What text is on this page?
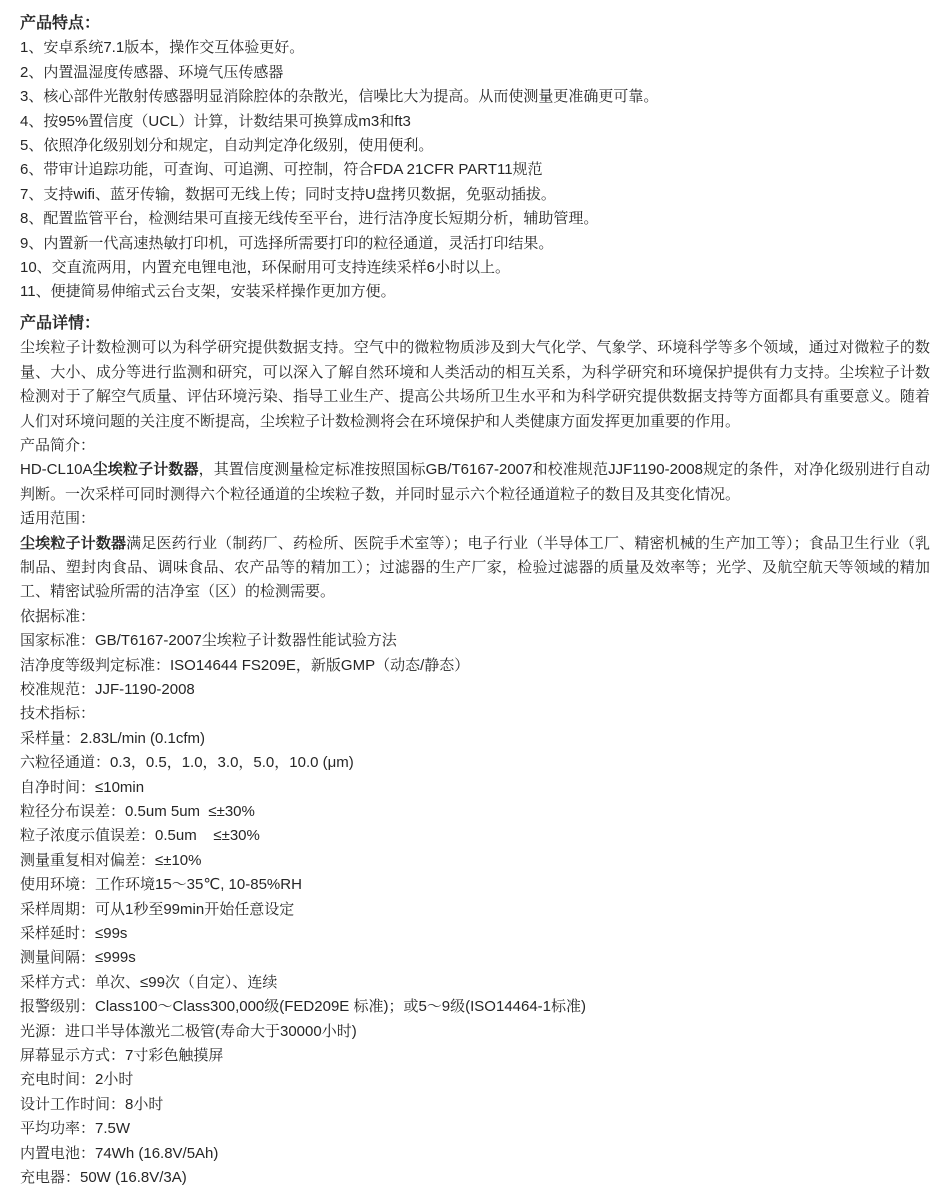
产品特点：
1、安卓系统7.1版本，操作交互体验更好。
2、内置温湿度传感器、环境气压传感器
3、核心部件光散射传感器明显消除腔体的杂散光，信噪比大为提高。从而使测量更准确更可靠。
4、按95%置信度（UCL）计算，计数结果可换算成m3和ft3
5、依照净化级别划分和规定，自动判定净化级别，使用便利。
6、带审计追踪功能，可查询、可追溯、可控制，符合FDA 21CFR PART11规范
7、支持wifi、蓝牙传输，数据可无线上传；同时支持U盘拷贝数据，免驱动插拔。
8、配置监管平台，检测结果可直接无线传至平台，进行洁净度长短期分析，辅助管理。
9、内置新一代高速热敏打印机，可选择所需要打印的粒径通道，灵活打印结果。
10、交直流两用，内置充电锂电池，环保耐用可支持连续采样6小时以上。
11、便捷简易伸缩式云台支架，安装采样操作更加方便。
产品详情：

尘埃粒子计数检测可以为科学研究提供数据支持。空气中的微粒物质涉及到大气化学、气象学、环境科学等多个领域，通过对微粒子的数量、大小、成分等进行监测和研究，可以深入了解自然环境和人类活动的相互关系，为科学研究和环境保护提供有力支持。尘埃粒子计数检测对于了解空气质量、评估环境污染、指导工业生产、提高公共场所卫生水平和为科学研究提供数据支持等方面都具有重要意义。随着人们对环境问题的关注度不断提高，尘埃粒子计数检测将会在环境保护和人类健康方面发挥更加重要的作用。

产品简介：

HD-CL10A尘埃粒子计数器，其置信度测量检定标准按照国标GB/T6167-2007和校准规范JJF1190-2008规定的条件，对净化级别进行自动判断。一次采样可同时测得六个粒径通道的尘埃粒子数，并同时显示六个粒径通道粒子的数目及其变化情况。

适用范围：

尘埃粒子计数器满足医药行业（制药厂、药检所、医院手术室等）；电子行业（半导体工厂、精密机械的生产加工等）；食品卫生行业（乳制品、塑封肉食品、调味食品、农产品等的精加工）；过滤器的生产厂家，检验过滤器的质量及效率等；光学、及航空航天等领域的精加工、精密试验所需的洁净室（区）的检测需要。

依据标准：
国家标准：GB/T6167-2007尘埃粒子计数器性能试验方法
洁净度等级判定标准：ISO14644 FS209E，新版GMP（动态/静态）
校准规范：JJF-1190-2008
技术指标：
采样量：2.83L/min (0.1cfm)
六粒径通道：0.3，0.5，1.0，3.0，5.0，10.0 (μm)
自净时间：≤10min
粒径分布误差：0.5um 5um  ≤±30%
粒子浓度示值误差：0.5um    ≤±30%
测量重复相对偏差：≤±10%
使用环境：工作环境15～35℃, 10-85%RH
采样周期：可从1秒至99min开始任意设定
采样延时：≤99s
测量间隔：≤999s
采样方式：单次、≤99次（自定）、连续
报警级别：Class100～Class300,000级(FED209E 标准)；或5～9级(ISO14464-1标准)
光源：进口半导体激光二极管(寿命大于30000小时)
屏幕显示方式：7寸彩色触摸屏
充电时间：2小时
设计工作时间：8小时
平均功率：7.5W
内置电池：74Wh (16.8V/5Ah)
充电器：50W (16.8V/3A)
